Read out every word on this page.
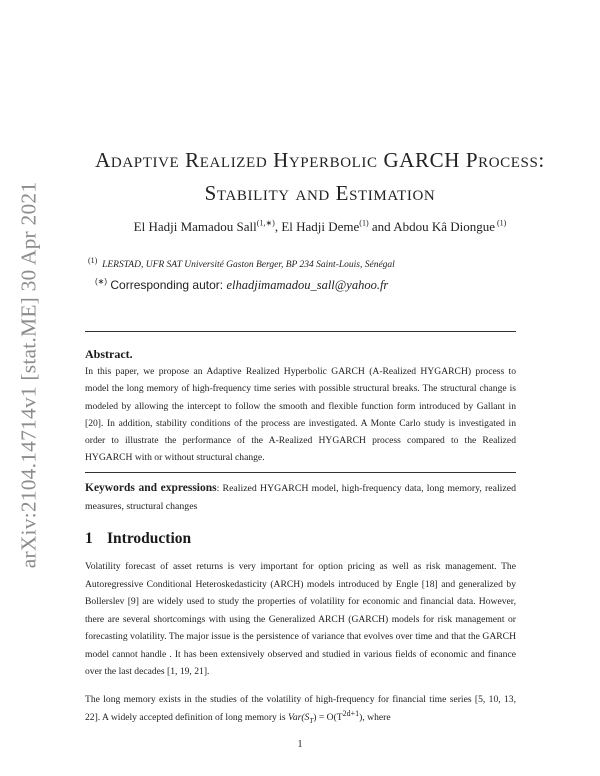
arXiv:2104.14714v1 [stat.ME] 30 Apr 2021
Adaptive Realized Hyperbolic GARCH Process:
Stability and Estimation
El Hadji Mamadou Sall$^{(1,∗)}$, El Hadji Deme$^{(1)}$ and Abdou Kâ Diongue $^{(1)}$
$^{(1)}$ LERSTAD, UFR SAT Université Gaston Berger, BP 234 Saint-Louis, Sénégal
(∗) Corresponding autor: elhadjimamadou_sall@yahoo.fr
Abstract.
In this paper, we propose an Adaptive Realized Hyperbolic GARCH (A-Realized HYGARCH) process to model the long memory of high-frequency time series with possible structural breaks. The structural change is modeled by allowing the intercept to follow the smooth and flexible function form introduced by Gallant in [20]. In addition, stability conditions of the process are investigated. A Monte Carlo study is investigated in order to illustrate the performance of the A-Realized HYGARCH process compared to the Realized HYGARCH with or without structural change.
Keywords and expressions: Realized HYGARCH model, high-frequency data, long memory, realized measures, structural changes
1 Introduction
Volatility forecast of asset returns is very important for option pricing as well as risk management. The Autoregressive Conditional Heteroskedasticity (ARCH) models introduced by Engle [18] and generalized by Bollerslev [9] are widely used to study the properties of volatility for economic and financial data. However, there are several shortcomings with using the Generalized ARCH (GARCH) models for risk management or forecasting volatility. The major issue is the persistence of variance that evolves over time and that the GARCH model cannot handle . It has been extensively observed and studied in various fields of economic and finance over the last decades [1, 19, 21].
The long memory exists in the studies of the volatility of high-frequency for financial time series [5, 10, 13, 22]. A widely accepted definition of long memory is $Var(S_T) = O(T^{2d+1})$, where
1
